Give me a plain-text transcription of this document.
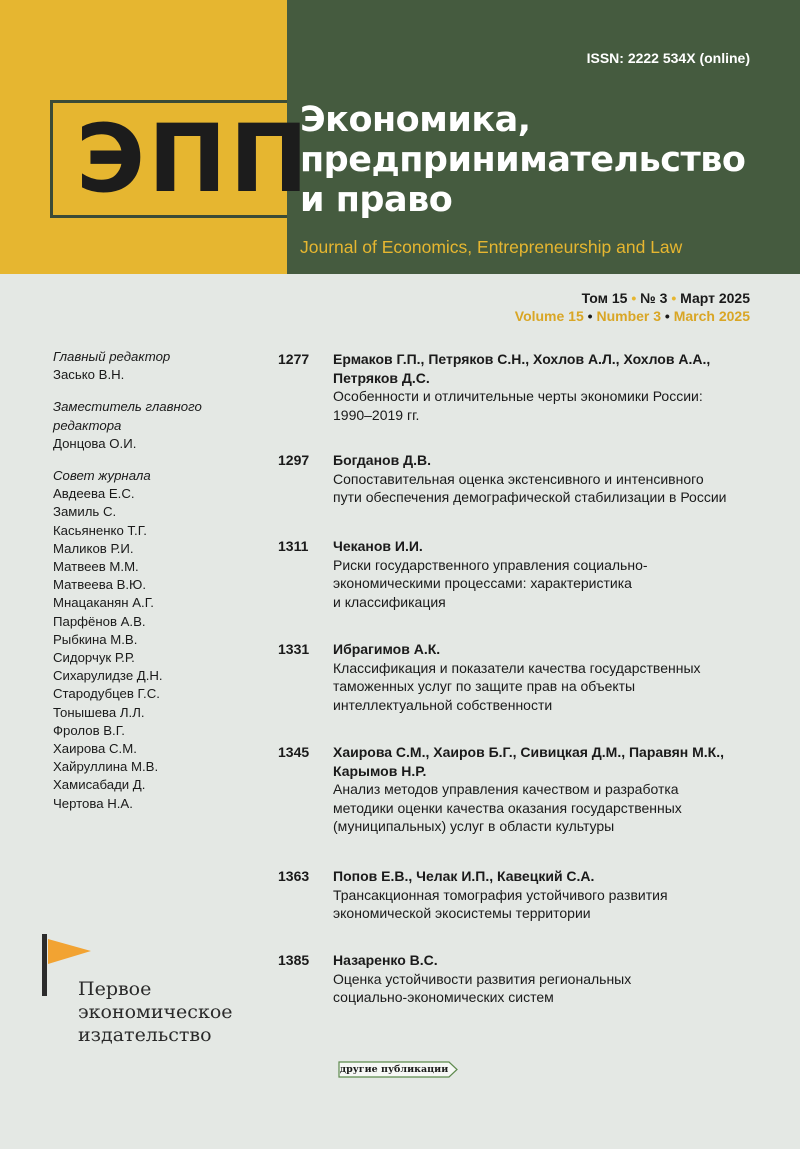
ЭПП
ISSN: 2222 534X (online)
Экономика,
предпринимательство
и право
Journal of Economics, Entrepreneurship and Law
Том 15 • № 3 • Март 2025
Volume 15 • Number 3 • March 2025
Главный редактор
Засько В.Н.
Заместитель главного
редактора
Донцова О.И.
Совет журнала
Авдеева Е.С.
Замиль С.
Касьяненко Т.Г.
Маликов Р.И.
Матвеев М.М.
Матвеева В.Ю.
Мнацаканян А.Г.
Парфёнов А.В.
Рыбкина М.В.
Сидорчук Р.Р.
Сихарулидзе Д.Н.
Стародубцев Г.С.
Тонышева Л.Л.
Фролов В.Г.
Хаирова С.М.
Хайруллина М.В.
Хамисабади Д.
Чертова Н.А.
1277 Ермаков Г.П., Петряков С.Н., Хохлов А.Л., Хохлов А.А.,
Петряков Д.С.
Особенности и отличительные черты экономики России:
1990–2019 гг.
1297 Богданов Д.В.
Сопоставительная оценка экстенсивного и интенсивного
пути обеспечения демографической стабилизации в России
1311 Чеканов И.И.
Риски государственного управления социально-
экономическими процессами: характеристика
и классификация
1331 Ибрагимов А.К.
Классификация и показатели качества государственных
таможенных услуг по защите прав на объекты
интеллектуальной собственности
1345 Хаирова С.М., Хаиров Б.Г., Сивицкая Д.М., Паравян М.К.,
Карымов Н.Р.
Анализ методов управления качеством и разработка
методики оценки качества оказания государственных
(муниципальных) услуг в области культуры
1363 Попов Е.В., Челак И.П., Кавецкий С.А.
Трансакционная томография устойчивого развития
экономической экосистемы территории
1385 Назаренко В.С.
Оценка устойчивости развития региональных
социально-экономических систем
Первое
экономическое
издательство
другие публикации
